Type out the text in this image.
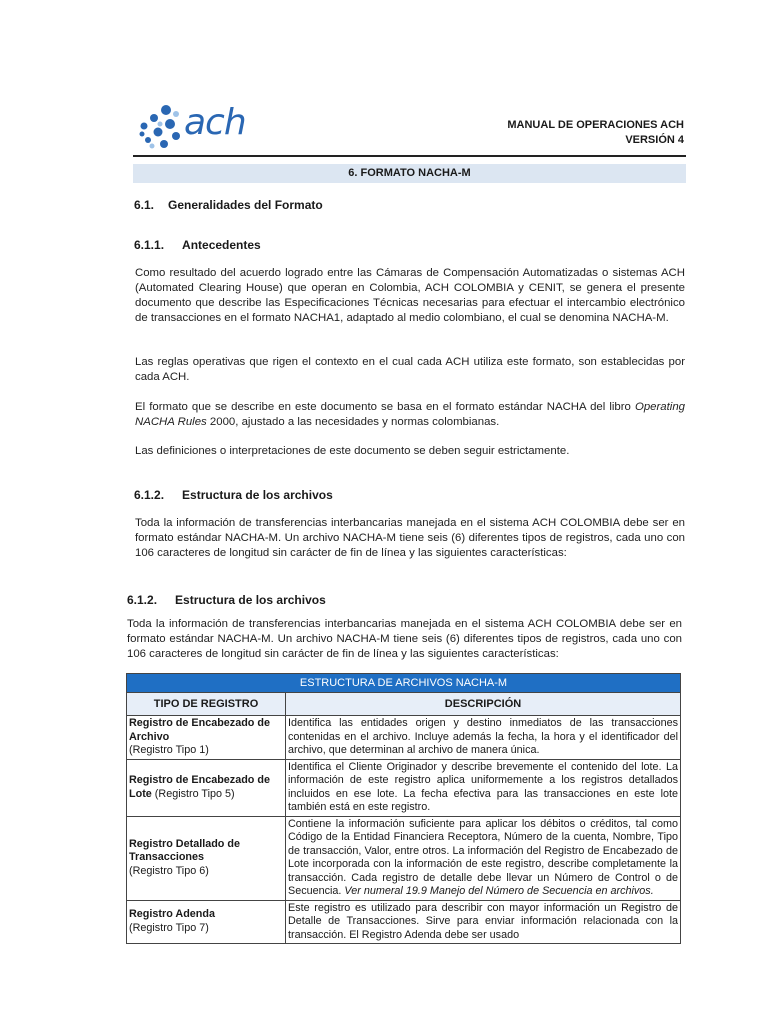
ach	MANUAL DE OPERACIONES ACH
VERSIÓN 4
6. FORMATO NACHA-M
6.1. Generalidades del Formato
6.1.1. Antecedentes
Como resultado del acuerdo logrado entre las Cámaras de Compensación Automatizadas o sistemas ACH (Automated Clearing House) que operan en Colombia, ACH COLOMBIA y CENIT, se genera el presente documento que describe las Especificaciones Técnicas necesarias para efectuar el intercambio electrónico de transacciones en el formato NACHA1, adaptado al medio colombiano, el cual se denomina NACHA-M.
Las reglas operativas que rigen el contexto en el cual cada ACH utiliza este formato, son establecidas por cada ACH.
El formato que se describe en este documento se basa en el formato estándar NACHA del libro Operating NACHA Rules 2000, ajustado a las necesidades y normas colombianas.
Las definiciones o interpretaciones de este documento se deben seguir estrictamente.
6.1.2. Estructura de los archivos
Toda la información de transferencias interbancarias manejada en el sistema ACH COLOMBIA debe ser en formato estándar NACHA-M. Un archivo NACHA-M tiene seis (6) diferentes tipos de registros, cada uno con 106 caracteres de longitud sin carácter de fin de línea y las siguientes características:
6.1.2. Estructura de los archivos
Toda la información de transferencias interbancarias manejada en el sistema ACH COLOMBIA debe ser en formato estándar NACHA-M. Un archivo NACHA-M tiene seis (6) diferentes tipos de registros, cada uno con 106 caracteres de longitud sin carácter de fin de línea y las siguientes características:
ESTRUCTURA DE ARCHIVOS NACHA-M	
TIPO DE REGISTRO	DESCRIPCIÓN
Registro de Encabezado de Archivo
(Registro Tipo 1)	Identifica las entidades origen y destino inmediatos de las transacciones contenidas en el archivo. Incluye además la fecha, la hora y el identificador del archivo, que determinan al archivo de manera única.
Registro de Encabezado de Lote (Registro Tipo 5)	Identifica el Cliente Originador y describe brevemente el contenido del lote. La información de este registro aplica uniformemente a los registros detallados incluidos en ese lote. La fecha efectiva para las transacciones en este lote también está en este registro.
Registro Detallado de Transacciones
(Registro Tipo 6)	Contiene la información suficiente para aplicar los débitos o créditos, tal como Código de la Entidad Financiera Receptora, Número de la cuenta, Nombre, Tipo de transacción, Valor, entre otros. La información del Registro de Encabezado de Lote incorporada con la información de este registro, describe completamente la transacción. Cada registro de detalle debe llevar un Número de Control o de Secuencia. Ver numeral 19.9 Manejo del Número de Secuencia en archivos.
Registro Adenda
(Registro Tipo 7)	Este registro es utilizado para describir con mayor información un Registro de Detalle de Transacciones. Sirve para enviar información relacionada con la transacción. El Registro Adenda debe ser usado
